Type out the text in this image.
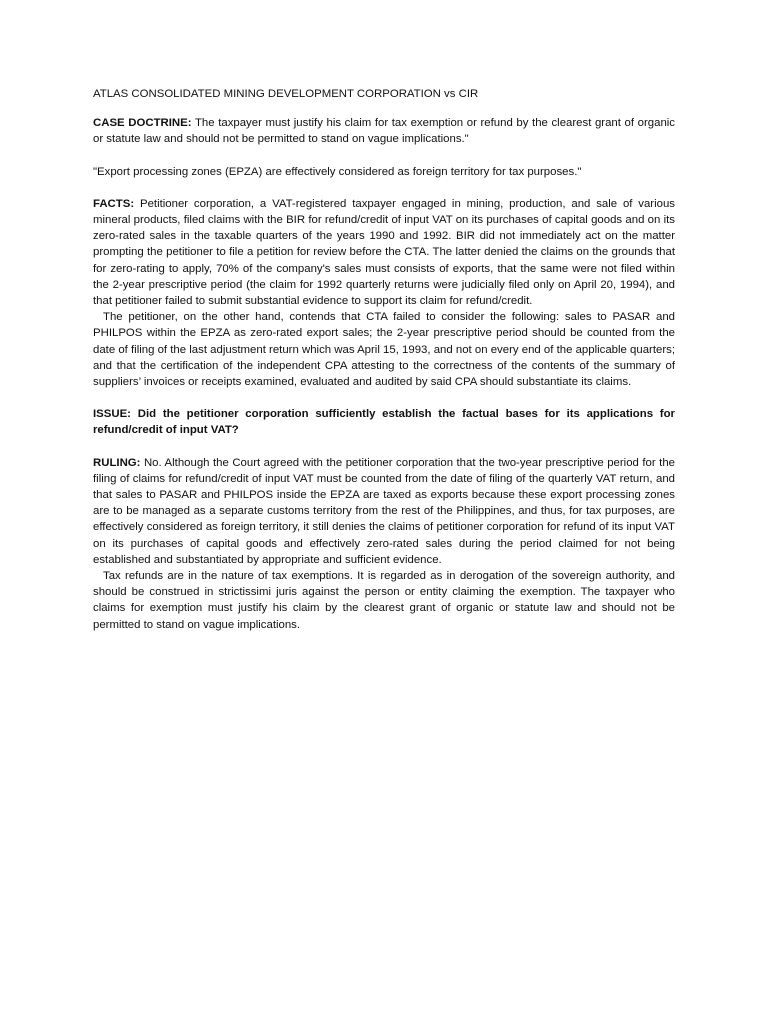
ATLAS CONSOLIDATED MINING DEVELOPMENT CORPORATION vs CIR

CASE DOCTRINE: The taxpayer must justify his claim for tax exemption or refund by the clearest grant of organic or statute law and should not be permitted to stand on vague implications."

"Export processing zones (EPZA) are effectively considered as foreign territory for tax purposes."

FACTS: Petitioner corporation, a VAT-registered taxpayer engaged in mining, production, and sale of various mineral products, filed claims with the BIR for refund/credit of input VAT on its purchases of capital goods and on its zero-rated sales in the taxable quarters of the years 1990 and 1992. BIR did not immediately act on the matter prompting the petitioner to file a petition for review before the CTA. The latter denied the claims on the grounds that for zero-rating to apply, 70% of the company's sales must consists of exports, that the same were not filed within the 2-year prescriptive period (the claim for 1992 quarterly returns were judicially filed only on April 20, 1994), and that petitioner failed to submit substantial evidence to support its claim for refund/credit.

The petitioner, on the other hand, contends that CTA failed to consider the following: sales to PASAR and PHILPOS within the EPZA as zero-rated export sales; the 2-year prescriptive period should be counted from the date of filing of the last adjustment return which was April 15, 1993, and not on every end of the applicable quarters; and that the certification of the independent CPA attesting to the correctness of the contents of the summary of suppliers’ invoices or receipts examined, evaluated and audited by said CPA should substantiate its claims.

ISSUE: Did the petitioner corporation sufficiently establish the factual bases for its applications for refund/credit of input VAT?

RULING: No. Although the Court agreed with the petitioner corporation that the two-year prescriptive period for the filing of claims for refund/credit of input VAT must be counted from the date of filing of the quarterly VAT return, and that sales to PASAR and PHILPOS inside the EPZA are taxed as exports because these export processing zones are to be managed as a separate customs territory from the rest of the Philippines, and thus, for tax purposes, are effectively considered as foreign territory, it still denies the claims of petitioner corporation for refund of its input VAT on its purchases of capital goods and effectively zero-rated sales during the period claimed for not being established and substantiated by appropriate and sufficient evidence.

Tax refunds are in the nature of tax exemptions. It is regarded as in derogation of the sovereign authority, and should be construed in strictissimi juris against the person or entity claiming the exemption. The taxpayer who claims for exemption must justify his claim by the clearest grant of organic or statute law and should not be permitted to stand on vague implications.
